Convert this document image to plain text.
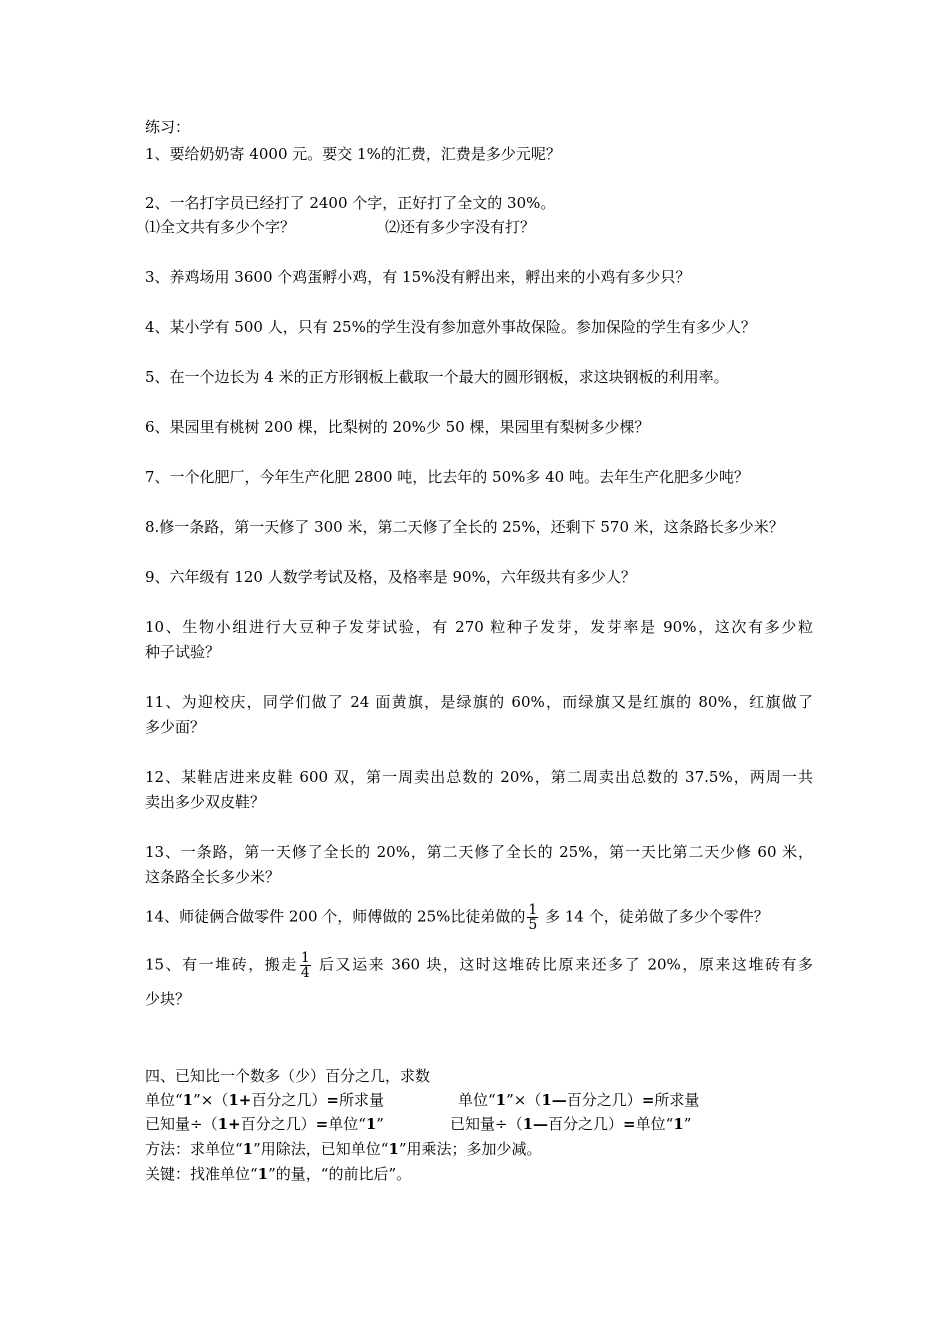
练习：
1、要给奶奶寄 4000 元。要交 1%的汇费，汇费是多少元呢？
2、一名打字员已经打了 2400 个字，正好打了全文的 30%。
⑴全文共有多少个字？	⑵还有多少字没有打？
3、养鸡场用 3600 个鸡蛋孵小鸡，有 15%没有孵出来，孵出来的小鸡有多少只？
4、某小学有 500 人，只有 25%的学生没有参加意外事故保险。参加保险的学生有多少人？
5、在一个边长为 4 米的正方形钢板上截取一个最大的圆形钢板，求这块钢板的利用率。
6、果园里有桃树 200 棵，比梨树的 20%少 50 棵，果园里有梨树多少棵？
7、一个化肥厂，今年生产化肥 2800 吨，比去年的 50%多 40 吨。去年生产化肥多少吨？
8.修一条路，第一天修了 300 米，第二天修了全长的 25%，还剩下 570 米，这条路长多少米？
9、六年级有 120 人数学考试及格，及格率是 90%，六年级共有多少人？
10、生物小组进行大豆种子发芽试验，有 270 粒种子发芽，发芽率是 90%，这次有多少粒
种子试验？
11、为迎校庆，同学们做了 24 面黄旗，是绿旗的 60%，而绿旗又是红旗的 80%，红旗做了
多少面？
12、某鞋店进来皮鞋 600 双，第一周卖出总数的 20%，第二周卖出总数的 37.5%，两周一共
卖出多少双皮鞋？
13、一条路，第一天修了全长的 20%，第二天修了全长的 25%，第一天比第二天少修 60 米，
这条路全长多少米？
14、师徒俩合做零件 200 个，师傅做的 25%比徒弟做的 $\frac{1}{5}$ 多 14 个，徒弟做了多少个零件？
15、有一堆砖，搬走 $\frac{1}{4}$ 后又运来 360 块，这时这堆砖比原来还多了 20%，原来这堆砖有多
少块？
四、已知比一个数多（少）百分之几，求数
单位“1”×（1+百分之几）=所求量	单位“1”×（1—百分之几）=所求量
已知量÷（1+百分之几）=单位“1”	已知量÷（1—百分之几）=单位“1”
方法：求单位“1”用除法，已知单位“1”用乘法；多加少减。
关键：找准单位“1”的量，“的前比后”。
